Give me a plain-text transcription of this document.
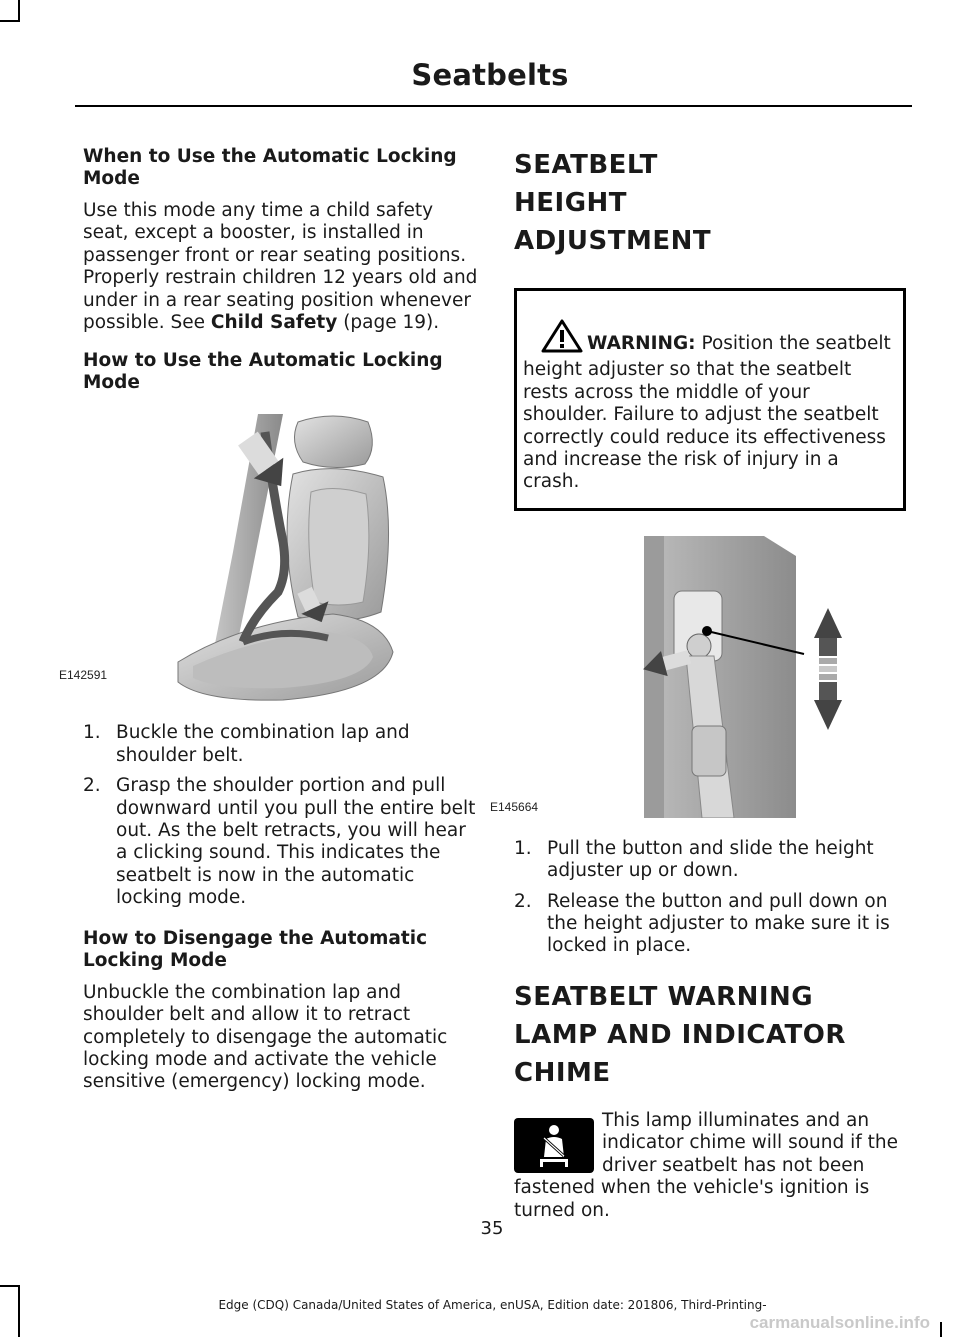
Seatbelts
When to Use the Automatic Locking Mode

Use this mode any time a child safety seat, except a booster, is installed in passenger front or rear seating positions. Properly restrain children 12 years old and under in a rear seating position whenever possible. See Child Safety (page 19).

How to Use the Automatic Locking Mode
E142591
1. Buckle the combination lap and shoulder belt.
2. Grasp the shoulder portion and pull downward until you pull the entire belt out. As the belt retracts, you will hear a clicking sound. This indicates the seatbelt is now in the automatic locking mode.
How to Disengage the Automatic Locking Mode

Unbuckle the combination lap and shoulder belt and allow it to retract completely to disengage the automatic locking mode and activate the vehicle sensitive (emergency) locking mode.

SEATBELT HEIGHT ADJUSTMENT
WARNING: Position the seatbelt height adjuster so that the seatbelt rests across the middle of your shoulder. Failure to adjust the seatbelt correctly could reduce its effectiveness and increase the risk of injury in a crash.
E145664
1. Pull the button and slide the height adjuster up or down.
2. Release the button and pull down on the height adjuster to make sure it is locked in place.
SEATBELT WARNING LAMP AND INDICATOR CHIME

This lamp illuminates and an indicator chime will sound if the driver seatbelt has not been fastened when the vehicle's ignition is turned on.

35
Edge (CDQ) Canada/United States of America, enUSA, Edition date: 201806, Third-Printing-
carmanualsonline.info
